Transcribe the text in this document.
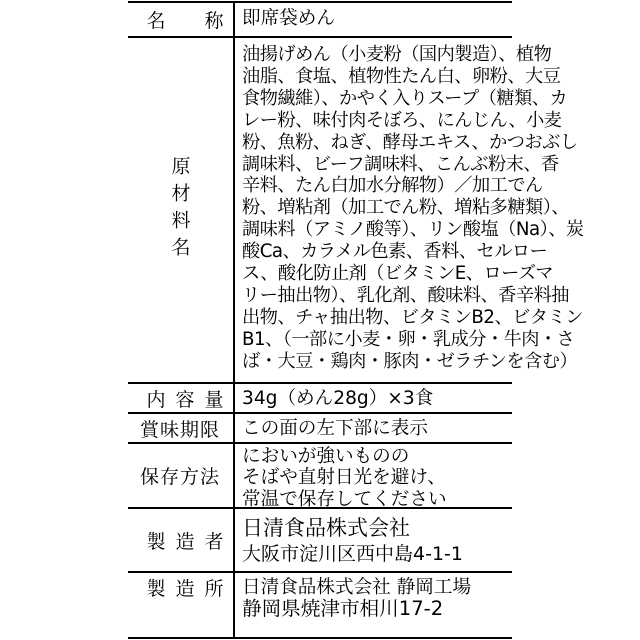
名　称 即席袋めん
原材料名
油揚げめん（小麦粉（国内製造）、植物
油脂、食塩、植物性たん白、卵粉、大豆
食物繊維）、かやく入りスープ（糖類、カ
レー粉、味付肉そぼろ、にんじん、小麦
粉、魚粉、ねぎ、酵母エキス、かつおぶし
調味料、ビーフ調味料、こんぶ粉末、香
辛料、たん白加水分解物）／加工でん
粉、増粘剤（加工でん粉、増粘多糖類）、
調味料（アミノ酸等）、リン酸塩（Na）、炭
酸Ca、カラメル色素、香料、セルロー
ス、酸化防止剤（ビタミンE、ローズマ
リー抽出物）、乳化剤、酸味料、香辛料抽
出物、チャ抽出物、ビタミンB2、ビタミン
B1、（一部に小麦・卵・乳成分・牛肉・さ
ば・大豆・鶏肉・豚肉・ゼラチンを含む）
内容量 34g（めん28g）×3食
賞味期限	この面の左下部に表示
保存方法
においが強いものの
そばや直射日光を避け、
常温で保存してください
製造者
日清食品株式会社
大阪市淀川区西中島4-1-1
製造所 日清食品株式会社 静岡工場
静岡県焼津市相川17-2
